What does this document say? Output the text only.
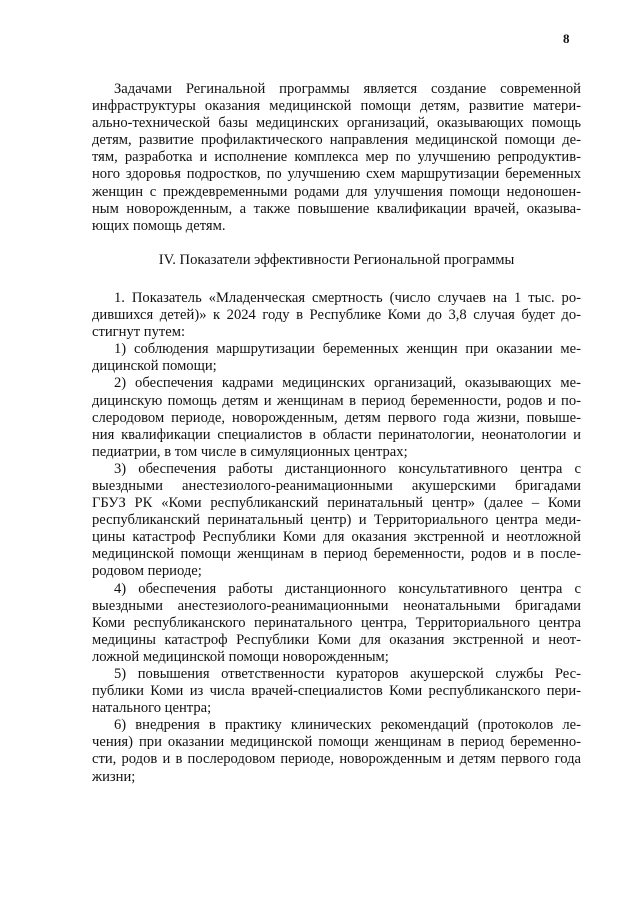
8
Задачами Регинальной программы является создание современной
инфраструктуры оказания медицинской помощи детям, развитие матери-
ально-технической базы медицинских организаций, оказывающих помощь
детям, развитие профилактического направления медицинской помощи де-
тям, разработка и исполнение комплекса мер по улучшению репродуктив-
ного здоровья подростков, по улучшению схем маршрутизации беременных
женщин с преждевременными родами для улучшения помощи недоношен-
ным новорожденным, а также повышение квалификации врачей, оказыва-
ющих помощь детям.
IV. Показатели эффективности Региональной программы
1. Показатель «Младенческая смертность (число случаев на 1 тыс. ро-
дившихся детей)» к 2024 году в Республике Коми до 3,8 случая будет до-
стигнут путем:
1) соблюдения маршрутизации беременных женщин при оказании ме-
дицинской помощи;
2) обеспечения кадрами медицинских организаций, оказывающих ме-
дицинскую помощь детям и женщинам в период беременности, родов и по-
слеродовом периоде, новорожденным, детям первого года жизни, повыше-
ния квалификации специалистов в области перинатологии, неонатологии и
педиатрии, в том числе в симуляционных центрах;
3) обеспечения работы дистанционного консультативного центра с
выездными анестезиолого-реанимационными акушерскими бригадами
ГБУЗ РК «Коми республиканский перинатальный центр» (далее – Коми
республиканский перинатальный центр) и Территориального центра меди-
цины катастроф Республики Коми для оказания экстренной и неотложной
медицинской помощи женщинам в период беременности, родов и в после-
родовом периоде;
4) обеспечения работы дистанционного консультативного центра с
выездными анестезиолого-реанимационными неонатальными бригадами
Коми республиканского перинатального центра, Территориального центра
медицины катастроф Республики Коми для оказания экстренной и неот-
ложной медицинской помощи новорожденным;
5) повышения ответственности кураторов акушерской службы Рес-
публики Коми из числа врачей-специалистов Коми республиканского пери-
натального центра;
6) внедрения в практику клинических рекомендаций (протоколов ле-
чения) при оказании медицинской помощи женщинам в период беременно-
сти, родов и в послеродовом периоде, новорожденным и детям первого года
жизни;
